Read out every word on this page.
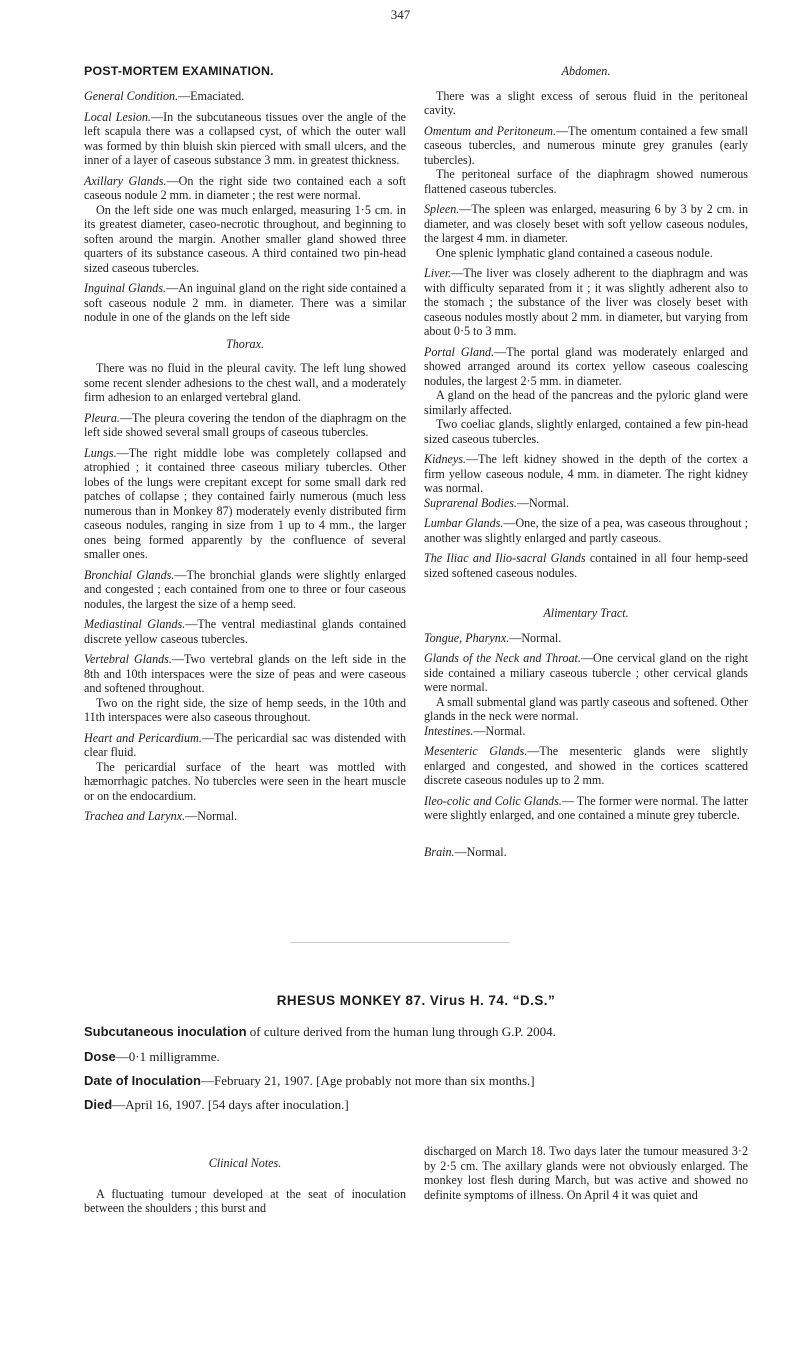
347
POST-MORTEM EXAMINATION.

General Condition.—Emaciated.

Local Lesion.—In the subcutaneous tissues over the angle of the left scapula there was a collapsed cyst, of which the outer wall was formed by thin bluish skin pierced with small ulcers, and the inner of a layer of caseous substance 3 mm. in greatest thickness.

Axillary Glands.—On the right side two contained each a soft caseous nodule 2 mm. in diameter ; the rest were normal.

On the left side one was much enlarged, measuring 1·5 cm. in its greatest diameter, caseo-necrotic throughout, and beginning to soften around the margin. Another smaller gland showed three quarters of its substance caseous. A third contained two pin-head sized caseous tubercles.

Inguinal Glands.—An inguinal gland on the right side contained a soft caseous nodule 2 mm. in diameter. There was a similar nodule in one of the glands on the left side

Thorax.

There was no fluid in the pleural cavity. The left lung showed some recent slender adhesions to the chest wall, and a moderately firm adhesion to an enlarged vertebral gland.

Pleura.—The pleura covering the tendon of the diaphragm on the left side showed several small groups of caseous tubercles.

Lungs.—The right middle lobe was completely collapsed and atrophied ; it contained three caseous miliary tubercles. Other lobes of the lungs were crepitant except for some small dark red patches of collapse ; they contained fairly numerous (much less numerous than in Monkey 87) moderately evenly distributed firm caseous nodules, ranging in size from 1 up to 4 mm., the larger ones being formed apparently by the confluence of several smaller ones.

Bronchial Glands.—The bronchial glands were slightly enlarged and congested ; each contained from one to three or four caseous nodules, the largest the size of a hemp seed.

Mediastinal Glands.—The ventral mediastinal glands contained discrete yellow caseous tubercles.

Vertebral Glands.—Two vertebral glands on the left side in the 8th and 10th interspaces were the size of peas and were caseous and softened throughout.

Two on the right side, the size of hemp seeds, in the 10th and 11th interspaces were also caseous throughout.

Heart and Pericardium.—The pericardial sac was distended with clear fluid.

The pericardial surface of the heart was mottled with hæmorrhagic patches. No tubercles were seen in the heart muscle or on the endocardium.

Trachea and Larynx.—Normal.

Abdomen.

There was a slight excess of serous fluid in the peritoneal cavity.

Omentum and Peritoneum.—The omentum contained a few small caseous tubercles, and numerous minute grey granules (early tubercles).

The peritoneal surface of the diaphragm showed numerous flattened caseous tubercles.

Spleen.—The spleen was enlarged, measuring 6 by 3 by 2 cm. in diameter, and was closely beset with soft yellow caseous nodules, the largest 4 mm. in diameter.

One splenic lymphatic gland contained a caseous nodule.

Liver.—The liver was closely adherent to the diaphragm and was with difficulty separated from it ; it was slightly adherent also to the stomach ; the substance of the liver was closely beset with caseous nodules mostly about 2 mm. in diameter, but varying from about 0·5 to 3 mm.

Portal Gland.—The portal gland was moderately enlarged and showed arranged around its cortex yellow caseous coalescing nodules, the largest 2·5 mm. in diameter.

A gland on the head of the pancreas and the pyloric gland were similarly affected.

Two coeliac glands, slightly enlarged, contained a few pin-head sized caseous tubercles.

Kidneys.—The left kidney showed in the depth of the cortex a firm yellow caseous nodule, 4 mm. in diameter. The right kidney was normal.

Suprarenal Bodies.—Normal.

Lumbar Glands.—One, the size of a pea, was caseous throughout ; another was slightly enlarged and partly caseous.

The Iliac and Ilio-sacral Glands contained in all four hemp-seed sized softened caseous nodules.

Alimentary Tract.

Tongue, Pharynx.—Normal.

Glands of the Neck and Throat.—One cervical gland on the right side contained a miliary caseous tubercle ; other cervical glands were normal.

A small submental gland was partly caseous and softened. Other glands in the neck were normal.

Intestines.—Normal.

Mesenteric Glands.—The mesenteric glands were slightly enlarged and congested, and showed in the cortices scattered discrete caseous nodules up to 2 mm.

Ileo-colic and Colic Glands.— The former were normal. The latter were slightly enlarged, and one contained a minute grey tubercle.

Brain.—Normal.

RHESUS MONKEY 87. Virus H. 74. “D.S.”
Subcutaneous inoculation of culture derived from the human lung through G.P. 2004.
Dose—0·1 milligramme.
Date of Inoculation—February 21, 1907. [Age probably not more than six months.]
Died—April 16, 1907. [54 days after inoculation.]
Clinical Notes.

A fluctuating tumour developed at the seat of inoculation between the shoulders ; this burst and

discharged on March 18. Two days later the tumour measured 3·2 by 2·5 cm. The axillary glands were not obviously enlarged. The monkey lost flesh during March, but was active and showed no definite symptoms of illness. On April 4 it was quiet and
